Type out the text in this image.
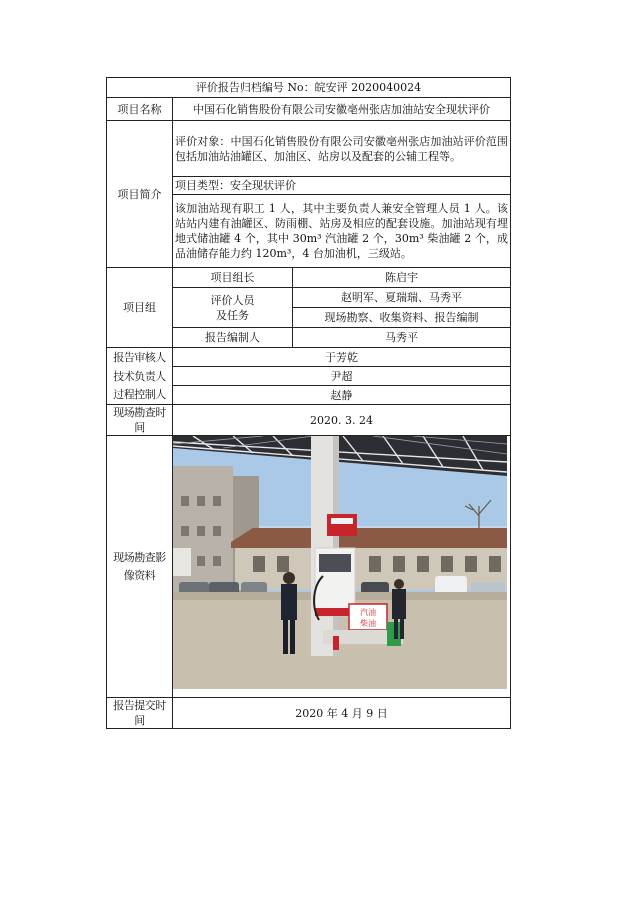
评价报告归档编号 No：皖安评 2020040024		
项目名称	中国石化销售股份有限公司安徽亳州张店加油站安全现状评价	
项目简介	评价对象：中国石化销售股份有限公司安徽亳州张店加油站评价范围包括加油站油罐区、加油区、站房以及配套的公辅工程等。	

	项目类型：安全现状评价	

	该加油站现有职工 1 人，其中主要负责人兼安全管理人员 1 人。该站站内建有油罐区、防雨棚、站房及相应的配套设施。加油站现有埋地式储油罐 4 个，其中 30m³ 汽油罐 2 个，30m³ 柴油罐 2 个，成品油储存能力约 120m³，4 台加油机，三级站。	

项目组	项目组长	陈启宇

	评价人员
及任务	赵明军、夏瑞瑞、马秀平
		现场勘察、收集资料、报告编制
	报告编制人	马秀平
报告审核人	于芳乾	
技术负责人	尹超	
过程控制人	赵静	
现场勘查时间	2020. 3. 24	
现场勘查影像资料	汽油
柴油	

报告提交时间	2020 年 4 月 9 日	
